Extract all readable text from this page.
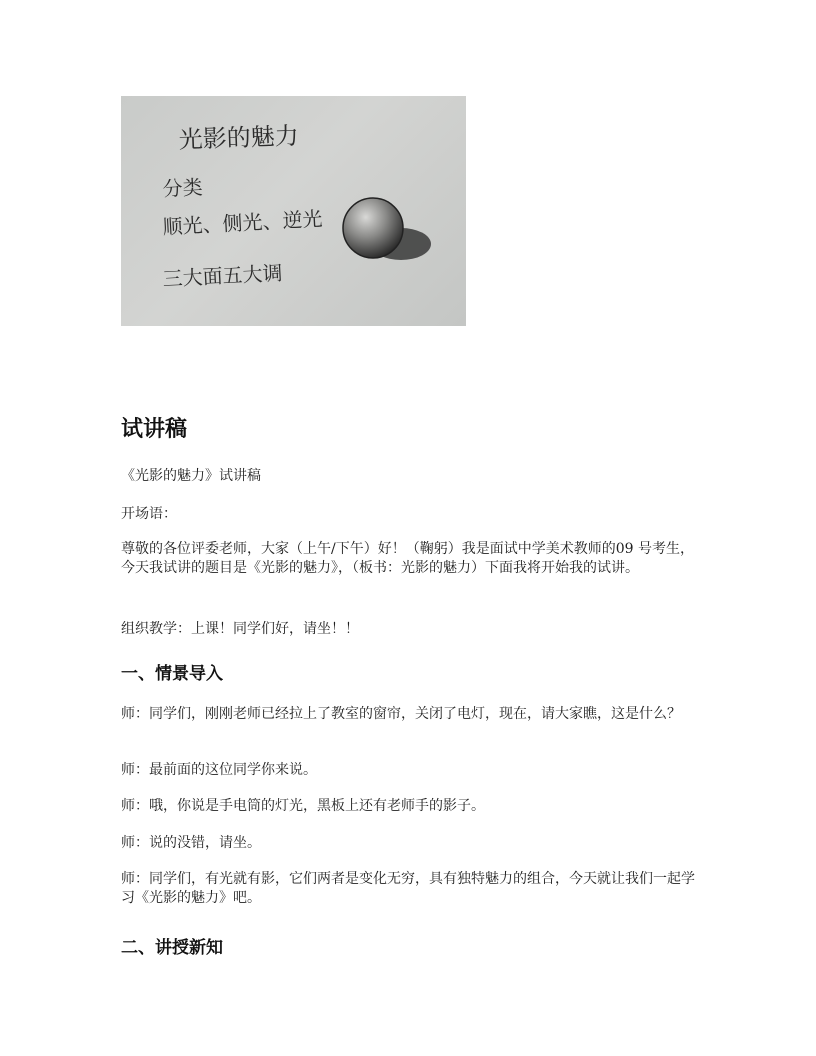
光影的魅力
分类
顺光、侧光、逆光
三大面五大调
试讲稿

《光影的魅力》试讲稿

开场语：

尊敬的各位评委老师，大家（上午/下午）好！（鞠躬）我是面试中学美术教师的09 号考生，今天我试讲的题目是《光影的魅力》，（板书：光影的魅力）下面我将开始我的试讲。

组织教学：上课！同学们好，请坐！！

一、情景导入

师：同学们，刚刚老师已经拉上了教室的窗帘，关闭了电灯，现在，请大家瞧，这是什么？

师：最前面的这位同学你来说。

师：哦，你说是手电筒的灯光，黑板上还有老师手的影子。

师：说的没错，请坐。

师：同学们，有光就有影，它们两者是变化无穷，具有独特魅力的组合，今天就让我们一起学习《光影的魅力》吧。

二、讲授新知
